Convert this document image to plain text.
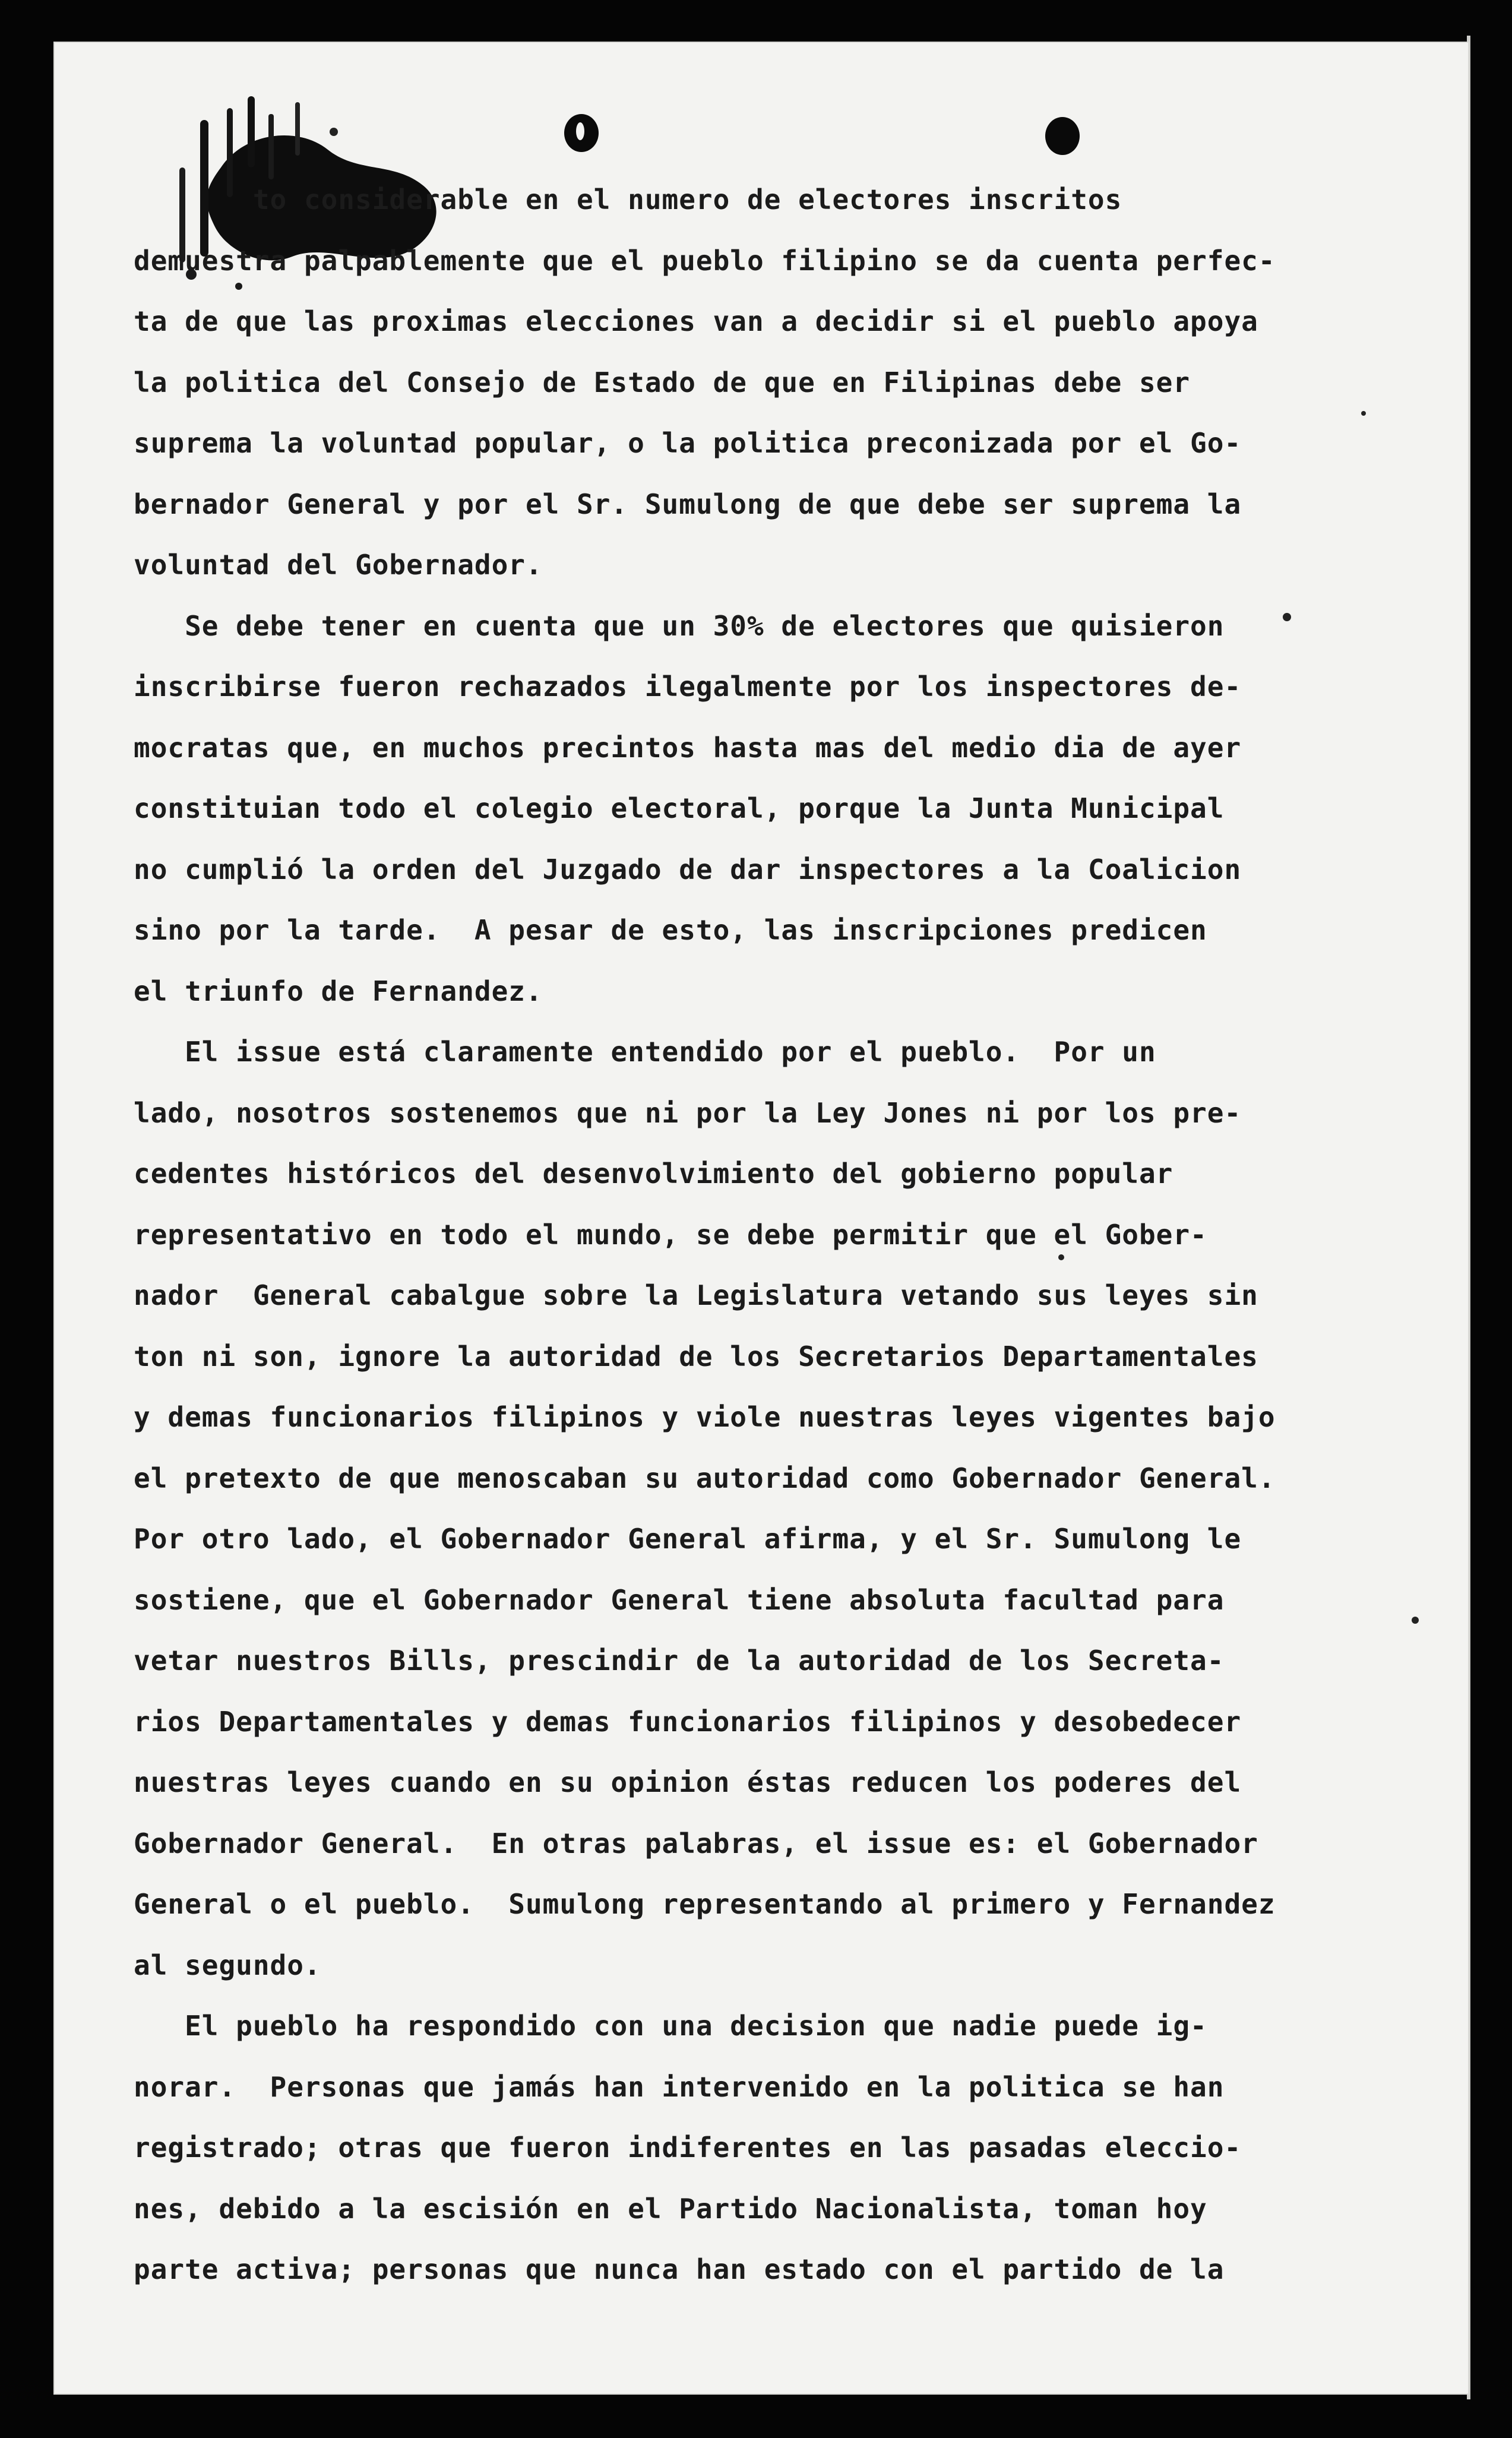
to considerable en el numero de electores inscritos
demuestra palpablemente que el pueblo filipino se da cuenta perfec-
ta de que las proximas elecciones van a decidir si el pueblo apoya
la politica del Consejo de Estado de que en Filipinas debe ser
suprema la voluntad popular, o la politica preconizada por el Go-
bernador General y por el Sr. Sumulong de que debe ser suprema la
voluntad del Gobernador.
Se debe tener en cuenta que un 30% de electores que quisieron
inscribirse fueron rechazados ilegalmente por los inspectores de-
mocratas que, en muchos precintos hasta mas del medio dia de ayer
constituian todo el colegio electoral, porque la Junta Municipal
no cumplió la orden del Juzgado de dar inspectores a la Coalicion
sino por la tarde.  A pesar de esto, las inscripciones predicen
el triunfo de Fernandez.
El issue está claramente entendido por el pueblo.  Por un
lado, nosotros sostenemos que ni por la Ley Jones ni por los pre-
cedentes históricos del desenvolvimiento del gobierno popular
representativo en todo el mundo, se debe permitir que el Gober-
nador  General cabalgue sobre la Legislatura vetando sus leyes sin
ton ni son, ignore la autoridad de los Secretarios Departamentales
y demas funcionarios filipinos y viole nuestras leyes vigentes bajo
el pretexto de que menoscaban su autoridad como Gobernador General.
Por otro lado, el Gobernador General afirma, y el Sr. Sumulong le
sostiene, que el Gobernador General tiene absoluta facultad para
vetar nuestros Bills, prescindir de la autoridad de los Secreta-
rios Departamentales y demas funcionarios filipinos y desobedecer
nuestras leyes cuando en su opinion éstas reducen los poderes del
Gobernador General.  En otras palabras, el issue es: el Gobernador
General o el pueblo.  Sumulong representando al primero y Fernandez
al segundo.
El pueblo ha respondido con una decision que nadie puede ig-
norar.  Personas que jamás han intervenido en la politica se han
registrado; otras que fueron indiferentes en las pasadas eleccio-
nes, debido a la escisión en el Partido Nacionalista, toman hoy
parte activa; personas que nunca han estado con el partido de la
